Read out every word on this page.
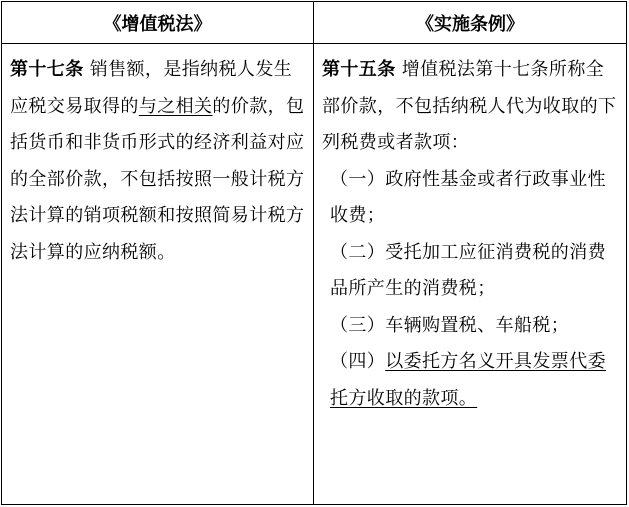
《增值税法》

第十七条 销售额，是指纳税人发生应税交易取得的与之相关的价款，包括货币和非货币形式的经济利益对应的全部价款，不包括按照一般计税方法计算的销项税额和按照简易计税方法计算的应纳税额。

《实施条例》

第十五条 增值税法第十七条所称全部价款，不包括纳税人代为收取的下列税费或者款项：

（一）政府性基金或者行政事业性收费；

（二）受托加工应征消费税的消费品所产生的消费税；

（三）车辆购置税、车船税；

（四）以委托方名义开具发票代委托方收取的款项。
